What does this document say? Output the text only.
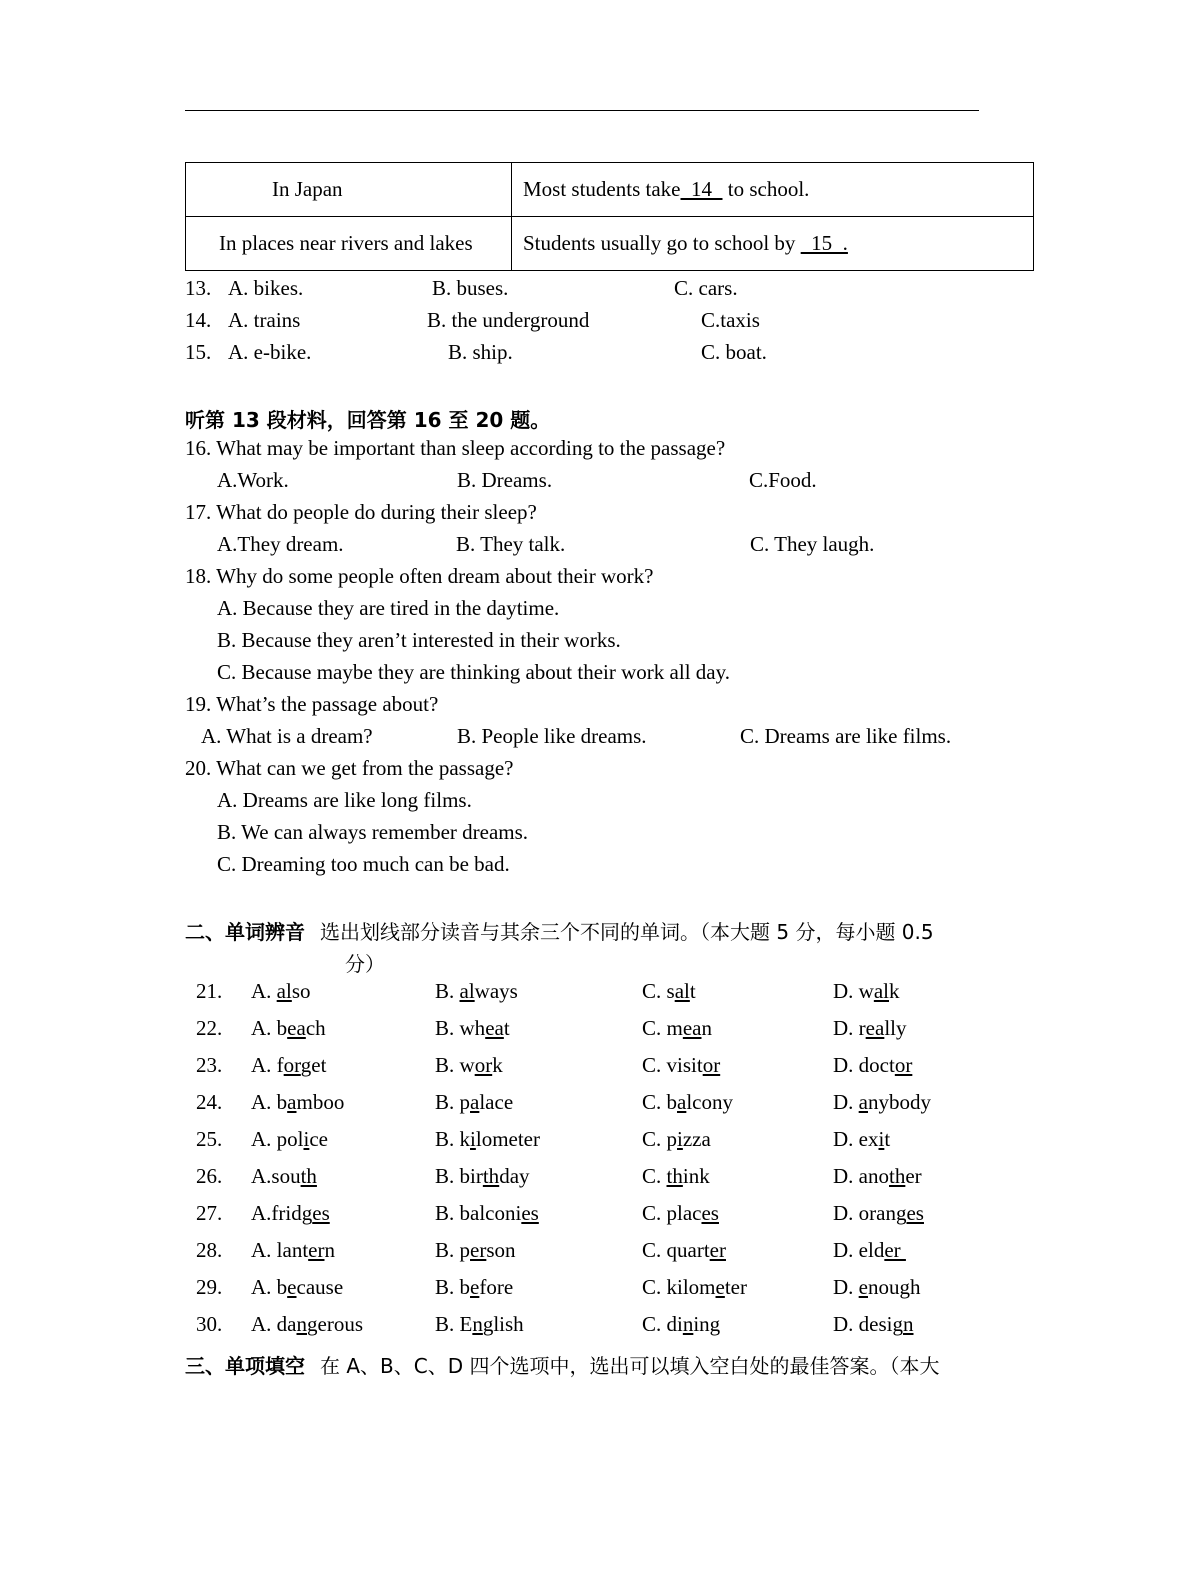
In Japan	Most students take  14   to school.
In places near rivers and lakes	Students usually go to school by   15  .
13. A. bikes.	B. buses.	C. cars.
14. A. trains	B. the underground	C.taxis
15. A. e-bike.	B. ship.	C. boat.
听第 13 段材料，回答第 16 至 20 题。
16. What may be important than sleep according to the passage?
A.Work.	B. Dreams.	C.Food.
17. What do people do during their sleep?
A.They dream.	B. They talk.	C. They laugh.
18. Why do some people often dream about their work?
A. Because they are tired in the daytime.
B. Because they aren’t interested in their works.
C. Because maybe they are thinking about their work all day.
19. What’s the passage about?
A. What is a dream?	B. People like dreams.	C. Dreams are like films.
20. What can we get from the passage?
A. Dreams are like long films.
B. We can always remember dreams.
C. Dreaming too much can be bad.
二、单词辨音 选出划线部分读音与其余三个不同的单词。（本大题 5 分，每小题 0.5
分）
21. A. also	B. always	C. salt	D. walk
22. A. beach	B. wheat	C. mean	D. really
23. A. forget	B. work	C. visitor	D. doctor
24. A. bamboo	B. palace	C. balcony	D. anybody
25. A. police	B. kilometer	C. pizza	D. exit
26. A.south	B. birthday	C. think	D. another
27. A.fridges	B. balconies	C. places	D. oranges
28. A. lantern	B. person	C. quarter	D. elder
29. A. because	B. before	C. kilometer	D. enough
30. A. dangerous	B. English	C. dining	D. design
三、单项填空 在 A、B、C、D 四个选项中，选出可以填入空白处的最佳答案。（本大
